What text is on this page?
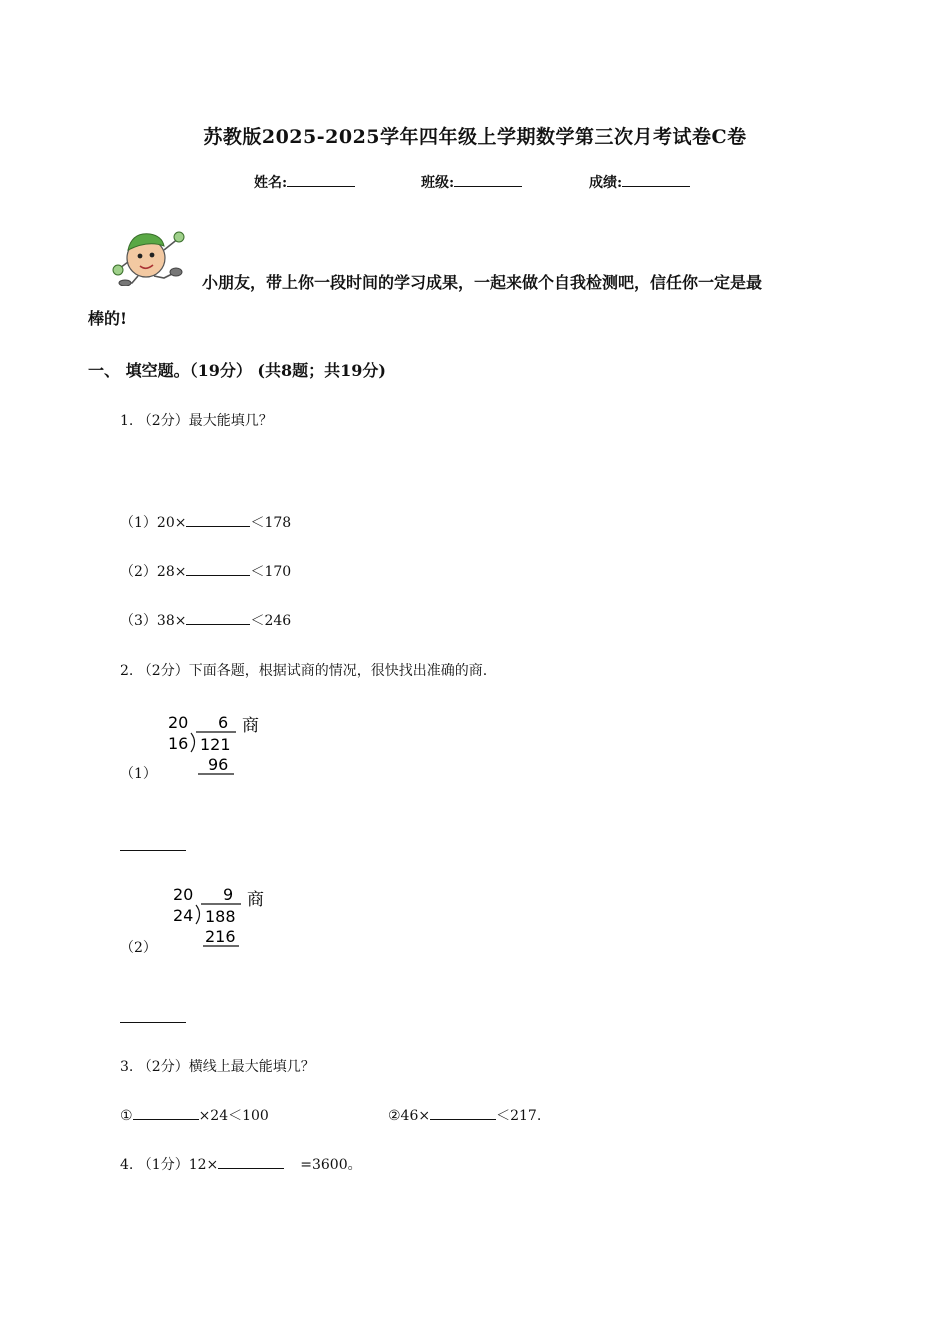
苏教版2025-2025学年四年级上学期数学第三次月考试卷C卷
姓名:	班级:	成绩:
小朋友，带上你一段时间的学习成果，一起来做个自我检测吧，信任你一定是最
棒的!
一、 填空题。（19分） (共8题；共19分)
1. （2分）最大能填几？
（1）20×	＜178
（2）28×	＜170
（3）38×	＜246
2. （2分）下面各题，根据试商的情况，很快找出准确的商.
（1）
20 6
16 121
96
商
（2）
20 9
24 188
216
商
3. （2分）横线上最大能填几？
①	×24＜100	②46×	＜217.
4. （1分）12×	=3600。
